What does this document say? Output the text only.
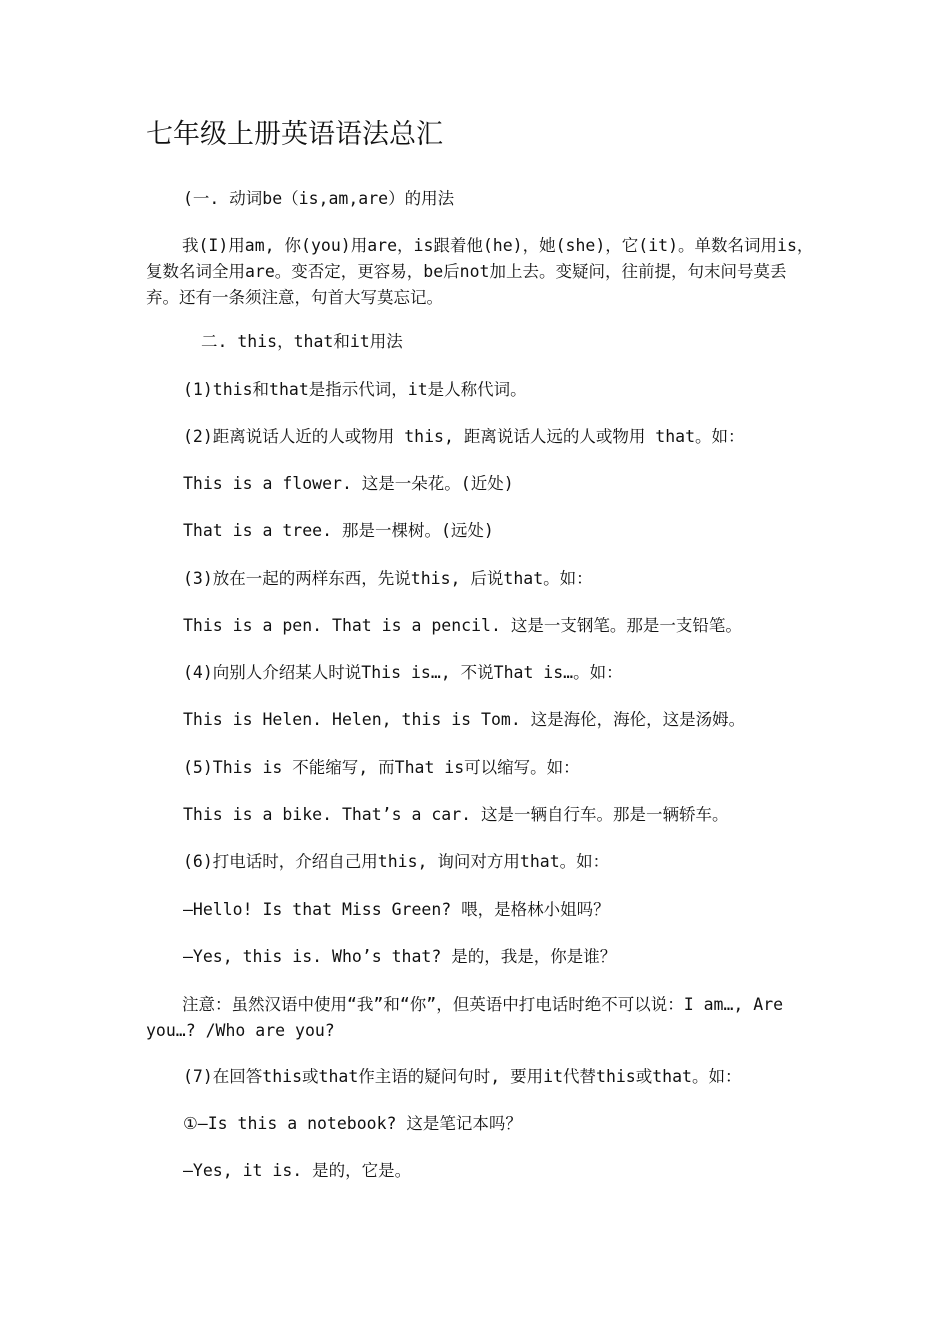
七年级上册英语语法总汇

(一. 动词be（is,am,are）的用法

我(I)用am, 你(you)用are，is跟着他(he)，她(she)，它(it)。单数名词用is，复数名词全用are。变否定，更容易，be后not加上去。变疑问，往前提，句末问号莫丢弃。还有一条须注意，句首大写莫忘记。

二. this，that和it用法

(1)this和that是指示代词，it是人称代词。

(2)距离说话人近的人或物用 this, 距离说话人远的人或物用 that。如：

This is a flower. 这是一朵花。(近处)

That is a tree. 那是一棵树。(远处)

(3)放在一起的两样东西，先说this, 后说that。如：

This is a pen. That is a pencil. 这是一支钢笔。那是一支铅笔。

(4)向别人介绍某人时说This is…, 不说That is…。如：

This is Helen. Helen, this is Tom. 这是海伦，海伦，这是汤姆。

(5)This is 不能缩写, 而That is可以缩写。如：

This is a bike. That’s a car. 这是一辆自行车。那是一辆轿车。

(6)打电话时，介绍自己用this, 询问对方用that。如：

—Hello! Is that Miss Green? 喂，是格林小姐吗？

—Yes, this is. Who’s that? 是的，我是，你是谁？

注意：虽然汉语中使用“我”和“你”，但英语中打电话时绝不可以说：I am…, Are you…? /Who are you?

(7)在回答this或that作主语的疑问句时, 要用it代替this或that。如：

①—Is this a notebook? 这是笔记本吗？

—Yes, it is. 是的，它是。
